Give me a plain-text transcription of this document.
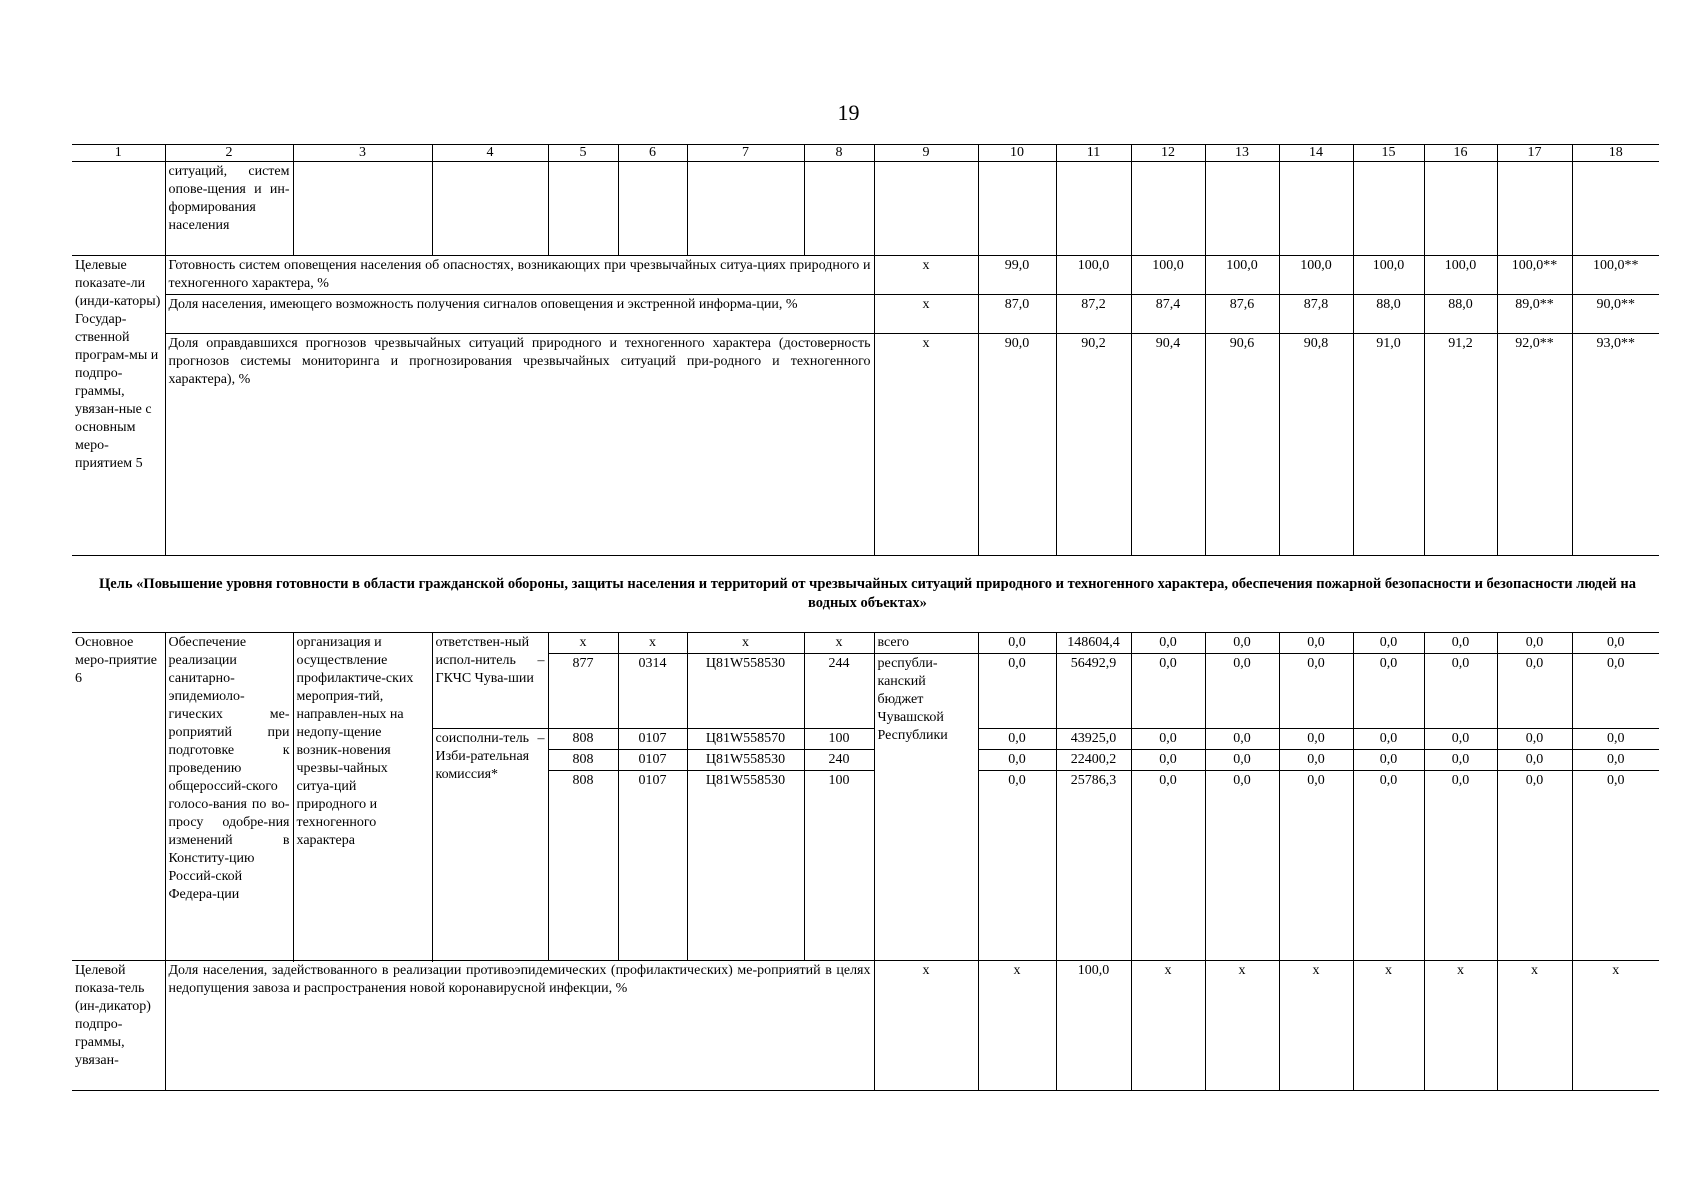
19
1	2	3	4	5	6	7	8	9	10	11	12	13	14	15	16	17	18
	ситуаций, систем опове-щения и ин-формирования населения																
Целевые показате-ли (инди-каторы) Государ-ственной програм-мы и подпро-граммы, увязан-ные с основным меро-приятием 5	Готовность систем оповещения населения об опасностях, возникающих при чрезвычайных ситуа-циях природного и техногенного характера, %							x	99,0	100,0	100,0	100,0	100,0	100,0	100,0	100,0**	100,0**
	Доля населения, имеющего возможность получения сигналов оповещения и экстренной информа-ции, %							x	87,0	87,2	87,4	87,6	87,8	88,0	88,0	89,0**	90,0**
	Доля оправдавшихся прогнозов чрезвычайных ситуаций природного и техногенного характера (достоверность прогнозов системы мониторинга и прогнозирования чрезвычайных ситуаций при-родного и техногенного характера), %							x	90,0	90,2	90,4	90,6	90,8	91,0	91,2	92,0**	93,0**
Цель «Повышение уровня готовности в области гражданской обороны, защиты населения и территорий от чрезвычайных ситуаций природного и техногенного характера, обеспечения пожарной безопасности и безопасности людей на водных объектах»
Основное меро-приятие 6	Обеспечение реализации санитарно-эпидемиоло-гических ме-роприятий при подготовке к проведению общероссий-ского голосо-вания по во-просу одобре-ния изменений в Конститу-цию Россий-ской Федера-ции	организация и осуществление профилактиче-ских мероприя-тий, направлен-ных на недопу-щение возник-новения чрезвы-чайных ситуа-ций природного и техногенного характера	ответствен-ный испол-нитель – ГКЧС Чува-шии	x	x	x	x	всего	0,0	148604,4	0,0	0,0	0,0	0,0	0,0	0,0	0,0
				877	0314	Ц81W558530	244	республи-канский бюджет Чувашской Республики	0,0	56492,9	0,0	0,0	0,0	0,0	0,0	0,0	0,0
			соисполни-тель – Изби-рательная комиссия*	808	0107	Ц81W558570	100		0,0	43925,0	0,0	0,0	0,0	0,0	0,0	0,0	0,0
				808	0107	Ц81W558530	240		0,0	22400,2	0,0	0,0	0,0	0,0	0,0	0,0	0,0
				808	0107	Ц81W558530	100		0,0	25786,3	0,0	0,0	0,0	0,0	0,0	0,0	0,0

Целевой показа-тель (ин-дикатор) подпро-граммы, увязан-	Доля населения, задействованного в реализации противоэпидемических (профилактических) ме-роприятий в целях недопущения завоза и распространения новой коронавирусной инфекции, %							x	x	100,0	x	x	x	x	x	x	x
